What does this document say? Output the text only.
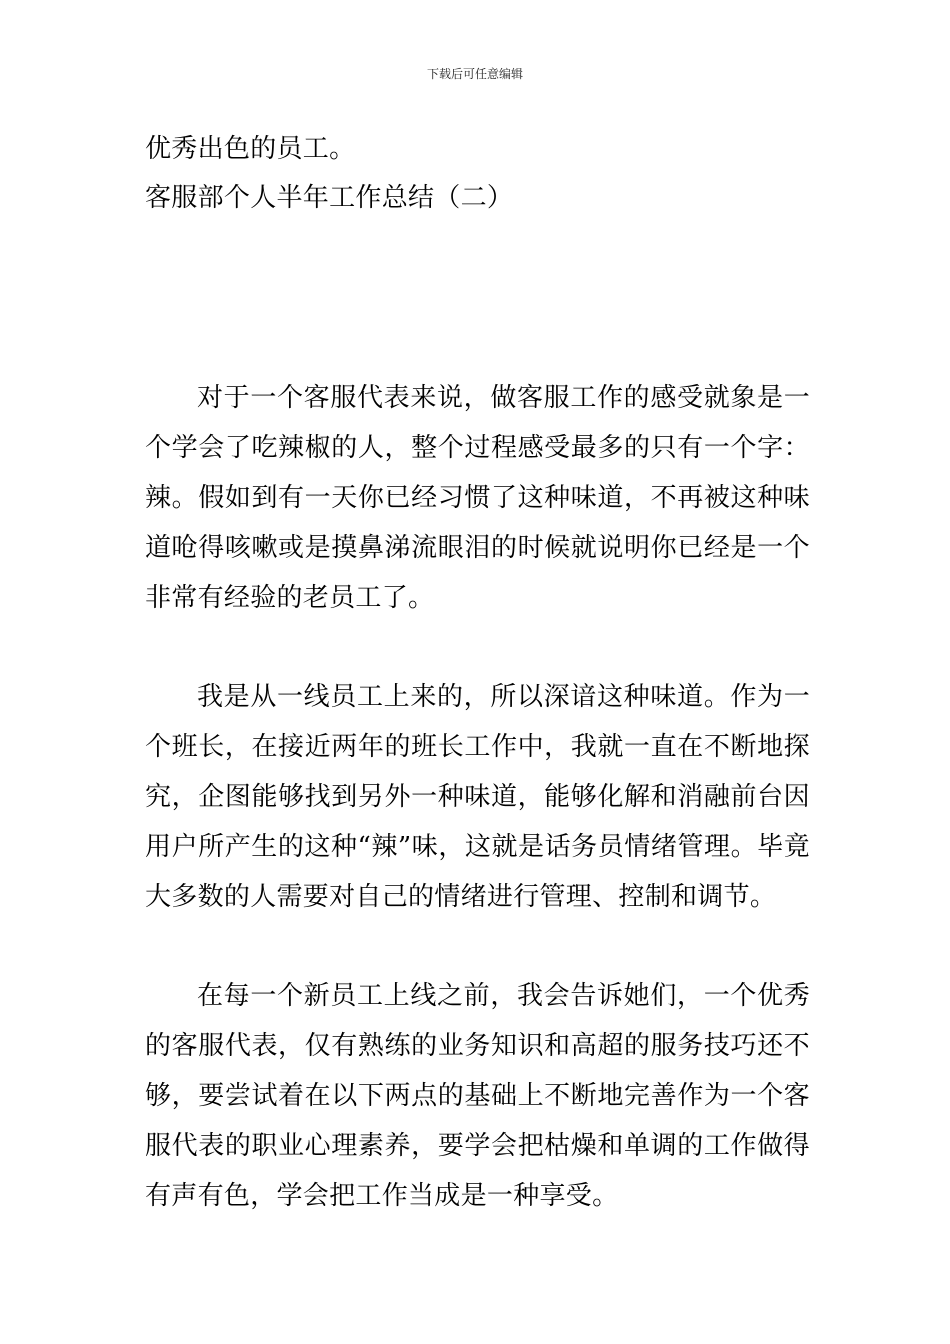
下载后可任意编辑
优秀出色的员工。
客服部个人半年工作总结（二）

对于一个客服代表来说，做客服工作的感受就象是一个学会了吃辣椒的人，整个过程感受最多的只有一个字：辣。假如到有一天你已经习惯了这种味道，不再被这种味道呛得咳嗽或是摸鼻涕流眼泪的时候就说明你已经是一个非常有经验的老员工了。

我是从一线员工上来的，所以深谙这种味道。作为一个班长，在接近两年的班长工作中，我就一直在不断地探究，企图能够找到另外一种味道，能够化解和消融前台因用户所产生的这种“辣”味，这就是话务员情绪管理。毕竟大多数的人需要对自己的情绪进行管理、控制和调节。

在每一个新员工上线之前，我会告诉她们，一个优秀的客服代表，仅有熟练的业务知识和高超的服务技巧还不够，要尝试着在以下两点的基础上不断地完善作为一个客服代表的职业心理素养，要学会把枯燥和单调的工作做得有声有色，学会把工作当成是一种享受。
